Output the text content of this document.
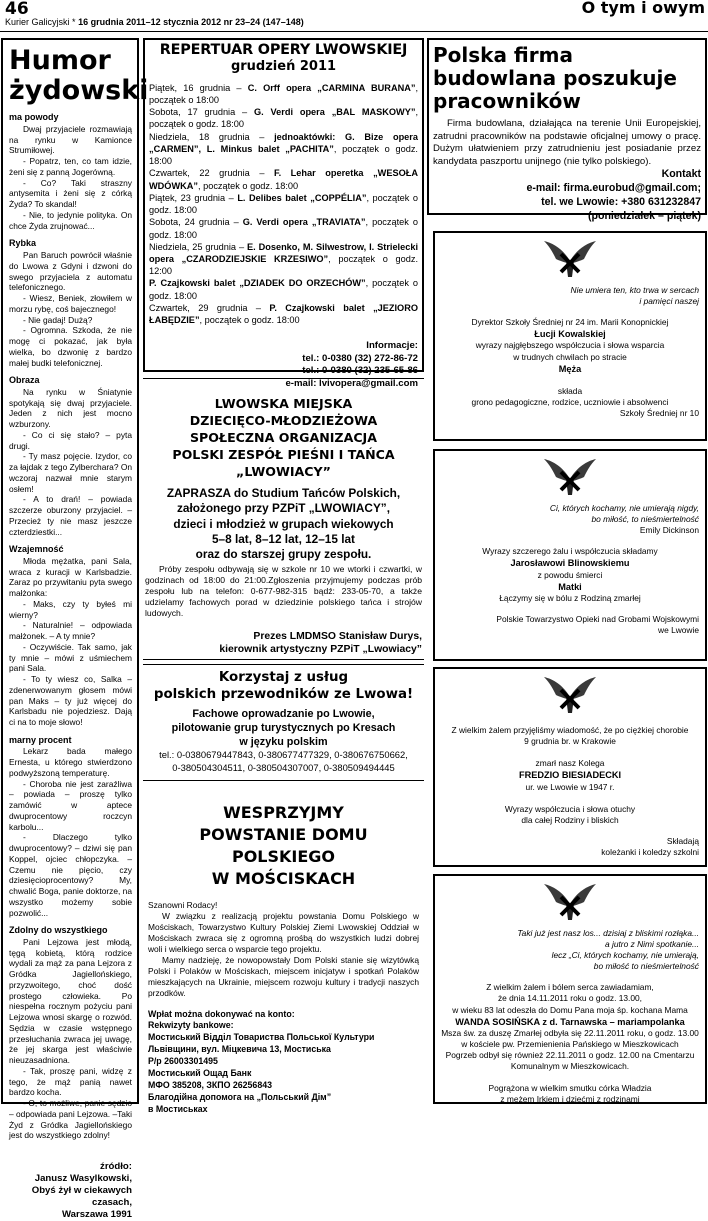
46
Kurier Galicyjski * 16 grudnia 2011–12 stycznia 2012 nr 23–24 (147–148)
O tym i owym
Humor
żydowski

ma powody

Dwaj przyjaciele rozmawiają na rynku w Kamionce Strumiłowej.

- Popatrz, ten, co tam idzie, żeni się z panną Jogerówną.

- Co? Taki straszny antysemita i żeni się z córką Żyda? To skandal!

- Nie, to jedynie polityka. On chce Żyda zrujnować...

Rybka

Pan Baruch powrócił właśnie do Lwowa z Gdyni i dzwoni do swego przyjaciela z automatu telefonicznego.

- Wiesz, Beniek, złowiłem w morzu rybę, coś bajecznego!

- Nie gadaj! Dużą?

- Ogromna. Szkoda, że nie mogę ci pokazać, jak była wielka, bo dzwonię z bardzo małej budki telefonicznej.

Obraza

Na rynku w Śniatynie spotykają się dwaj przyjaciele. Jeden z nich jest mocno wzburzony.

- Co ci się stało? – pyta drugi.

- Ty masz pojęcie. Izydor, co za łajdak z tego Zylberchara? On wczoraj nazwał mnie starym osłem!

- A to drań! – powiada szczerze oburzony przyjaciel. – Przecież ty nie masz jeszcze czterdziestki...

Wzajemność

Młoda mężatka, pani Sala, wraca z kuracji w Karlsbadzie. Zaraz po przywitaniu pyta swego małżonka:

- Maks, czy ty byłeś mi wierny?

- Naturalnie! – odpowiada małżonek. – A ty mnie?

- Oczywiście. Tak samo, jak ty mnie – mówi z uśmiechem pani Sala.

- To ty wiesz co, Salka – zdenerwowanym głosem mówi pan Maks – ty już więcej do Karlsbadu nie pojedziesz. Dają ci na to moje słowo!

marny procent

Lekarz bada małego Ernesta, u którego stwierdzono podwyższoną temperaturę.

- Choroba nie jest zaraźliwa – powiada – proszę tylko zamówić w aptece dwuprocentowy roczcyn karbolu...

- Dlaczego tylko dwuprocentowy? – dziwi się pan Koppel, ojciec chłopczyka. – Czemu nie pięcio, czy dziesięcioprocentowy? My, chwalić Boga, panie doktorze, na wszystko możemy sobie pozwolić...

Zdolny do wszystkiego

Pani Lejzowa jest młodą, tęgą kobietą, którą rodzice wydali za mąż za pana Lejzora z Gródka Jagiellońskiego, przyzwoitego, choć dość prostego człowieka. Po niespełna rocznym pożyciu pani Lejzowa wnosi skargę o rozwód. Sędzia w czasie wstępnego przesłuchania zwraca jej uwagę, że jej skarga jest właściwie nieuzasadniona.

- Tak, proszę pani, widzę z tego, że mąż panią nawet bardzo kocha.

- O, to możliwe, panie sędzio – odpowiada pani Lejzowa. –Taki Żyd z Gródka Jagiellońskiego jest do wszystkiego zdolny!

źródło:
Janusz Wasylkowski,
Obyś żył w ciekawych
czasach,
Warszawa 1991
REPERTUAR OPERY LWOWSKIEJ
grudzień 2011
Piątek, 16 grudnia – C. Orff opera „CARMINA BURANA”, początek o 18:00
Sobota, 17 grudnia – G. Verdi opera „BAL MASKOWY”, początek o godz. 18:00
Niedziela, 18 grudnia – jednoaktówki: G. Bize opera „CARMEN”, L. Minkus balet „PACHITA”, początek o godz. 18:00
Czwartek, 22 grudnia – F. Lehar operetka „WESOŁA WDÓWKA”, początek o godz. 18:00
Piątek, 23 grudnia – L. Delibes balet „COPPÉLIA”, początek o godz. 18:00
Sobota, 24 grudnia – G. Verdi opera „TRAVIATA”, początek o godz. 18:00
Niedziela, 25 grudnia – E. Dosenko, M. Silwestrow, I. Strielecki opera „CZARODZIEJSKIE KRZESIWO”, początek o godz. 12:00
P. Czajkowski balet „DZIADEK DO ORZECHÓW”, początek o godz. 18:00
Czwartek, 29 grudnia – P. Czajkowski balet „JEZIORO ŁABĘDZIE”, początek o godz. 18:00
Informacje:
tel.: 0-0380 (32) 272-86-72
tel.: 0-0380 (32) 235-65-86
e-mail: lvivopera@gmail.com
Polska firma budowlana poszukuje pracowników
Firma budowlana, działająca na terenie Unii Europejskiej, zatrudni pracowników na podstawie oficjalnej umowy o pracę. Dużym ułatwieniem przy zatrudnieniu jest posiadanie przez kandydata paszportu unijnego (nie tylko polskiego).
Kontakt
e-mail: firma.eurobud@gmail.com;
tel. we Lwowie: +380 631232847
(poniedziałek – piątek)
LWOWSKA MIEJSKA
DZIECIĘCO-MŁODZIEŻOWA
SPOŁECZNA ORGANIZACJA
POLSKI ZESPÓŁ PIEŚNI I TAŃCA
„LWOWIACY”
ZAPRASZA do Studium Tańców Polskich,
założonego przy PZPiT „LWOWIACY”,
dzieci i młodzież w grupach wiekowych
5–8 lat, 8–12 lat, 12–15 lat
oraz do starszej grupy zespołu.
Próby zespołu odbywają się w szkole nr 10 we wtorki i czwartki, w godzinach od 18:00 do 21:00.Zgłoszenia przyjmujemy podczas prób zespołu lub na telefon: 0-677-982-315 bądź: 233-05-70, a także udzielamy fachowych porad w dziedzinie polskiego tańca i strojów ludowych.
Prezes LMDMSO Stanisław Durys,
kierownik artystyczny PZPiT „Lwowiacy”
Korzystaj z usług
polskich przewodników ze Lwowa!
Fachowe oprowadzanie po Lwowie,
pilotowanie grup turystycznych po Kresach
w języku polskim
tel.: 0-0380679447843, 0-380677477329, 0-380676750662,
0-380504304511, 0-380504307007, 0-380509494445
WESPRZYJMY
POWSTANIE DOMU POLSKIEGO
W MOŚCISKACH
Szanowni Rodacy!
W związku z realizacją projektu powstania Domu Polskiego w Mościskach, Towarzystwo Kultury Polskiej Ziemi Lwowskiej Oddział w Mościskach zwraca się z ogromną prośbą do wszystkich ludzi dobrej woli i wielkiego serca o wsparcie tego projektu.
Mamy nadzieję, że nowopowstały Dom Polski stanie się wizytówką Polski i Polaków w Mościskach, miejscem inicjatyw i spotkań Polaków mieszkających na Ukrainie, miejscem rozwoju kultury i tradycji naszych przodków.
Wpłat można dokonywać na konto:
Rekwizyty bankowe:
Мостиський Відділ Товариства Польської Культури
Львівщини, вул. Міцкевича 13, Мостиська
Р/р 26003301495
Мостиський Ощад Банк
МФО 385208, ЗКПО 26256843
Благодійна допомога на „Польський Дім”
в Мостиськах
Nie umiera ten, kto trwa w sercach
i pamięci naszej
Dyrektor Szkoły Średniej nr 24 im. Marii Konopnickiej
Łucji Kowalskiej
wyrazy najgłębszego współczucia i słowa wsparcia
w trudnych chwilach po stracie
Męża

składa
grono pedagogiczne, rodzice, uczniowie i absolwenci
Szkoły Średniej nr 10
Ci, których kochamy, nie umierają nigdy,
bo miłość, to nieśmiertelność
Emily Dickinson
Wyrazy szczerego żalu i współczucia składamy
Jarosławowi Blinowskiemu
z powodu śmierci
Matki
Łączymy się w bólu z Rodziną zmarłej
Polskie Towarzystwo Opieki nad Grobami Wojskowymi
we Lwowie
Z wielkim żalem przyjęliśmy wiadomość, że po ciężkiej chorobie
9 grudnia br. w Krakowie

zmarł nasz Kolega
FREDZIO BIESIADECKI
ur. we Lwowie w 1947 r.

Wyrazy współczucia i słowa otuchy
dla całej Rodziny i bliskich
Składają
koleżanki i koledzy szkolni
Taki już jest nasz los... dzisiaj z bliskimi rozłąka...
a jutro z Nimi spotkanie...
lecz „Ci, których kochamy, nie umierają,
bo miłość to nieśmiertelność
Z wielkim żalem i bólem serca zawiadamiam,
że dnia 14.11.2011 roku o godz. 13.00,
w wieku 83 lat odeszła do Domu Pana moja śp. kochana Mama
WANDA SOSIŃSKA z d. Tarnawska – mariampolanka
Msza św. za duszę Zmarłej odbyła się 22.11.2011 roku, o godz. 13.00
w kościele pw. Przemienienia Pańskiego w Mieszkowicach
Pogrzeb odbył się również 22.11.2011 o godz. 12.00 na Cmentarzu
Komunalnym w Mieszkowicach.

Pogrążona w wielkim smutku córka Władzia
z mężem Irkiem i dziećmi z rodzinami
